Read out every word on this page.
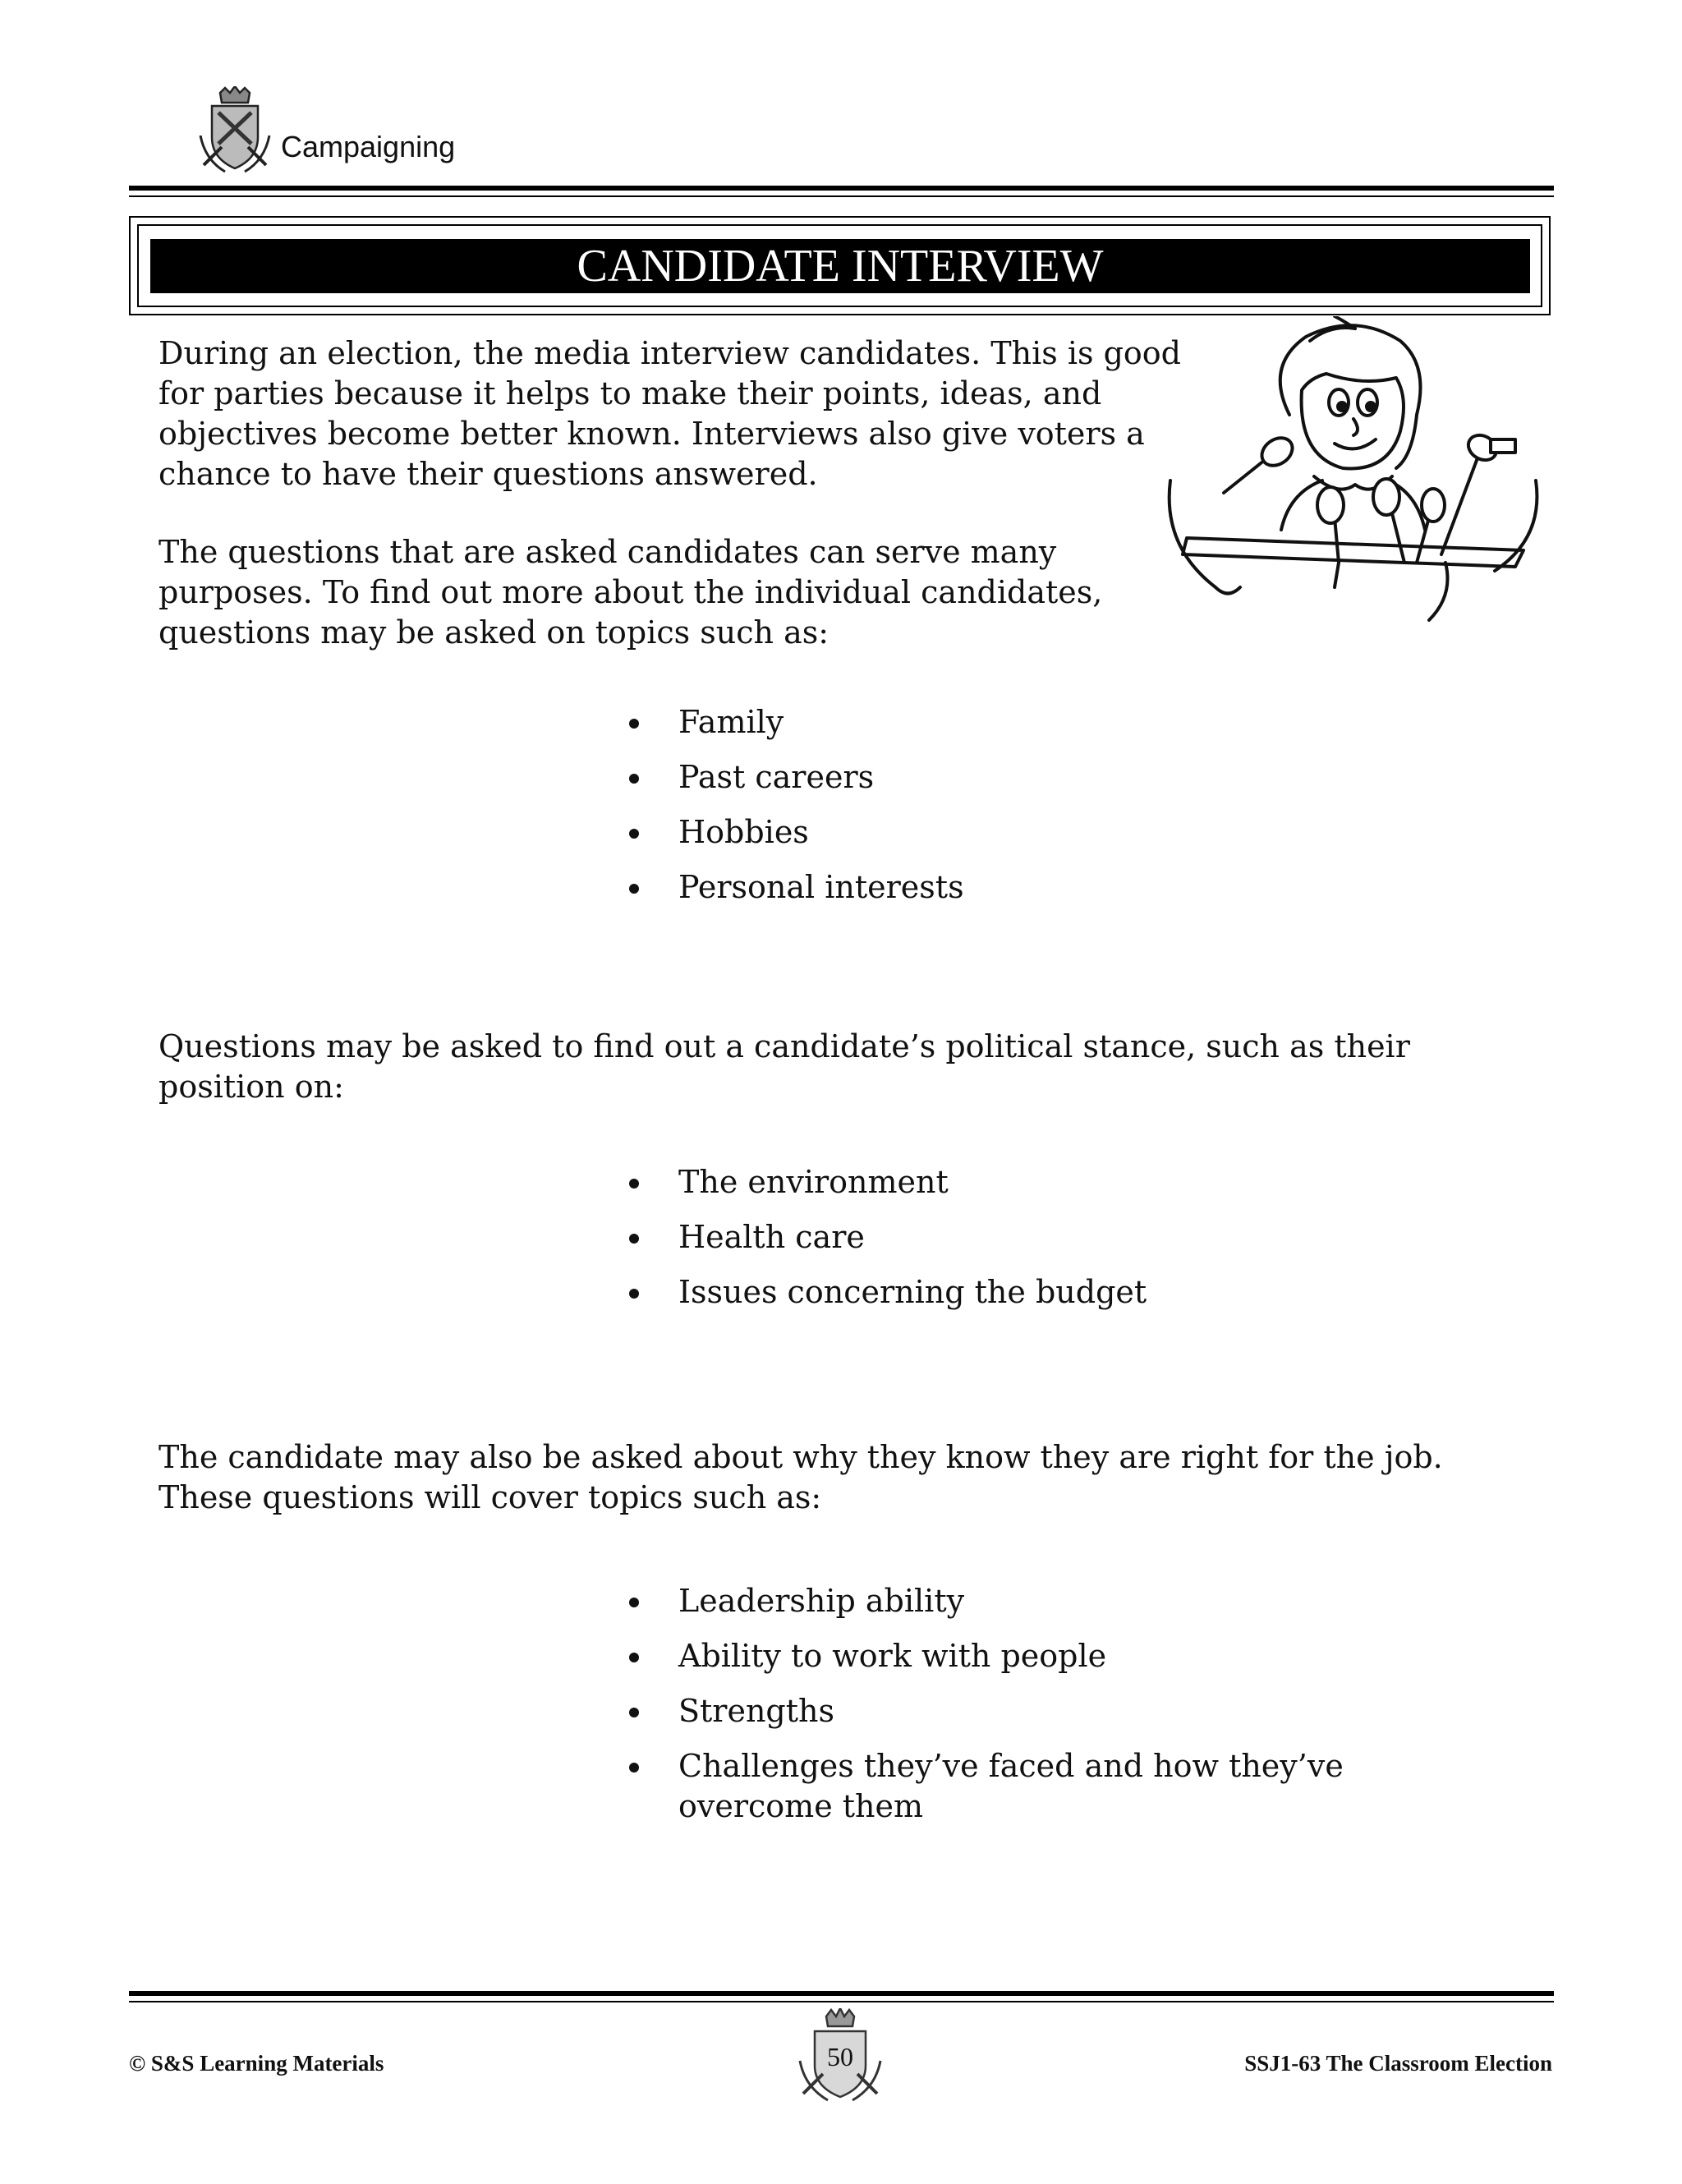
Campaigning
CANDIDATE INTERVIEW
During an election, the media interview candidates. This is good for parties because it helps to make their points, ideas, and objectives become better known. Interviews also give voters a chance to have their questions answered.
The questions that are asked candidates can serve many purposes. To find out more about the individual candidates, questions may be asked on topics such as:
Family
Past careers
Hobbies
Personal interests
Questions may be asked to find out a candidate’s political stance, such as their position on:
The environment
Health care
Issues concerning the budget
The candidate may also be asked about why they know they are right for the job. These questions will cover topics such as:
Leadership ability
Ability to work with people
Strengths
Challenges they’ve faced and how they’ve overcome them
© S&S Learning Materials	50	SSJ1-63 The Classroom Election
